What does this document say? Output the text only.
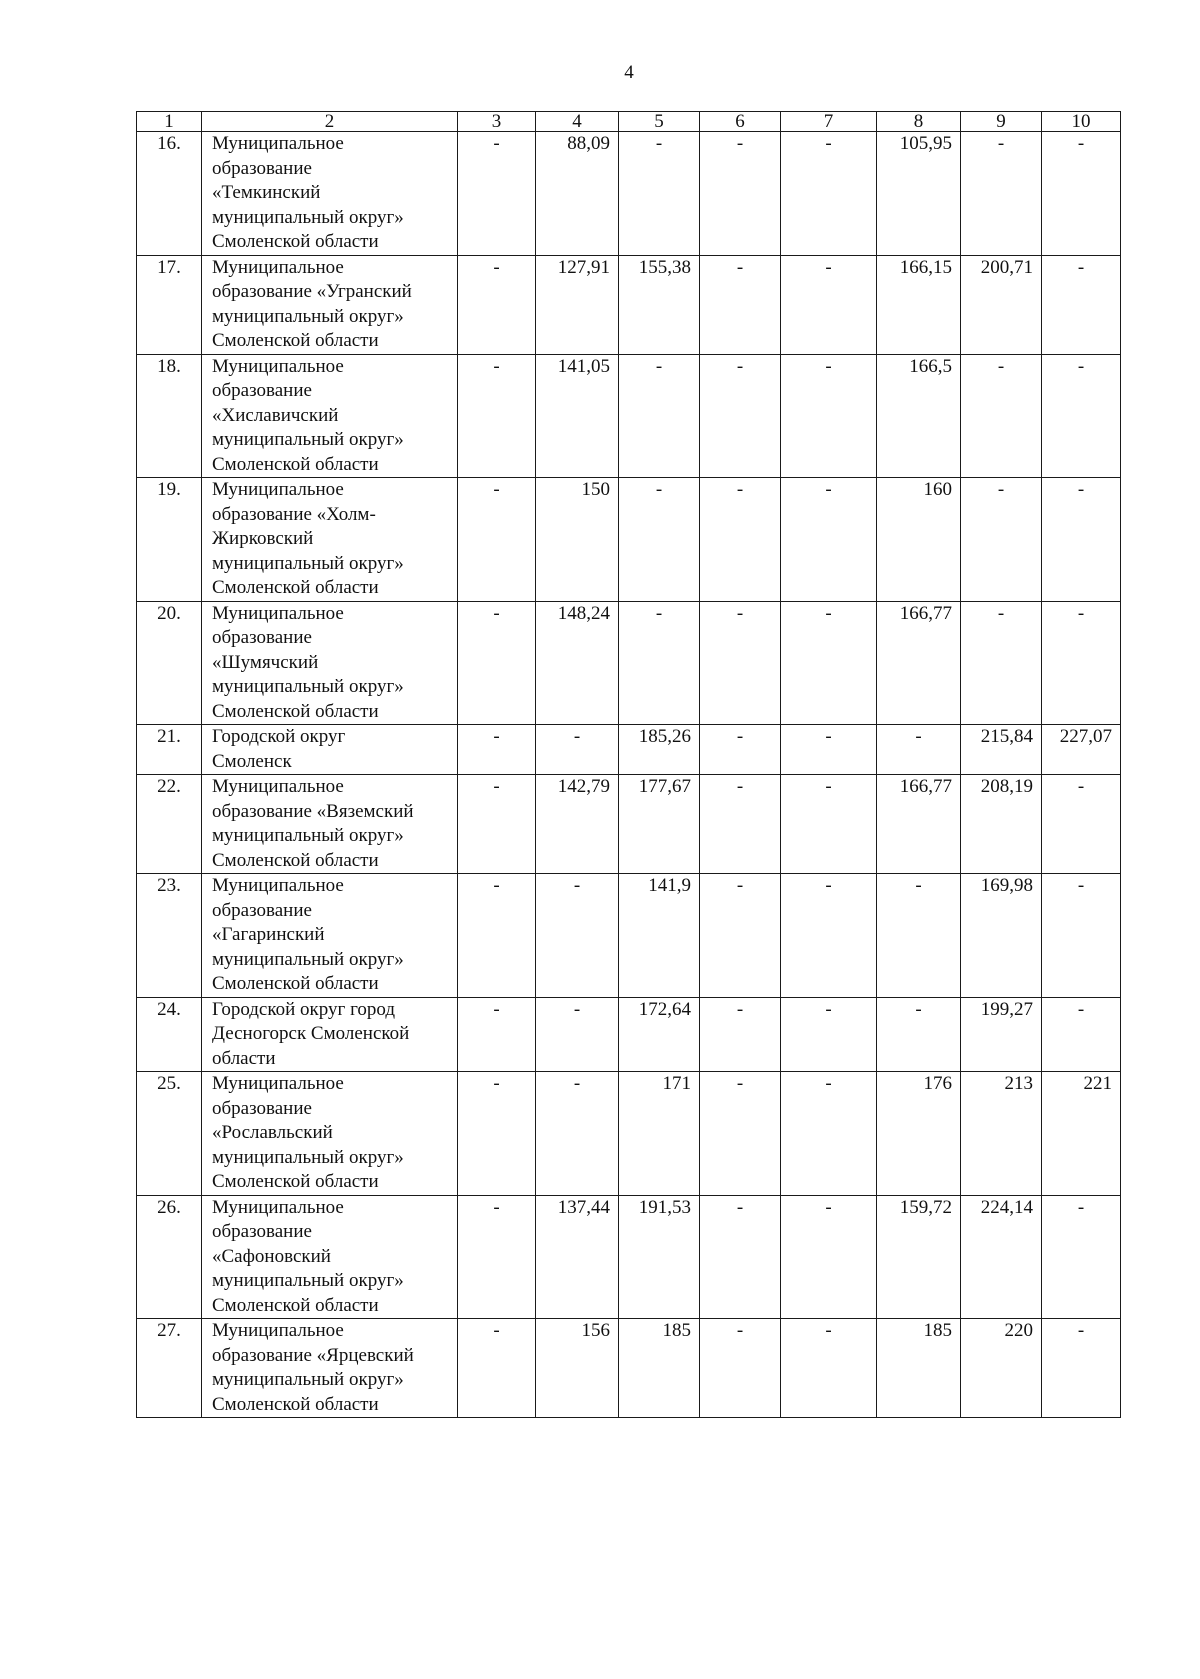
4
1	2	3	4	5	6	7	8	9	10
16.	Муниципальное
образование
«Темкинский
муниципальный округ»
Смоленской области	-	88,09	-	-	-	105,95	-	-
17.	Муниципальное
образование «Угранский
муниципальный округ»
Смоленской области	-	127,91	155,38	-	-	166,15	200,71	-
18.	Муниципальное
образование
«Хиславичский
муниципальный округ»
Смоленской области	-	141,05	-	-	-	166,5	-	-
19.	Муниципальное
образование «Холм-
Жирковский
муниципальный округ»
Смоленской области	-	150	-	-	-	160	-	-
20.	Муниципальное
образование
«Шумячский
муниципальный округ»
Смоленской области	-	148,24	-	-	-	166,77	-	-
21.	Городской округ
Смоленск	-	-	185,26	-	-	-	215,84	227,07
22.	Муниципальное
образование «Вяземский
муниципальный округ»
Смоленской области	-	142,79	177,67	-	-	166,77	208,19	-
23.	Муниципальное
образование
«Гагаринский
муниципальный округ»
Смоленской области	-	-	141,9	-	-	-	169,98	-
24.	Городской округ город
Десногорск Смоленской
области	-	-	172,64	-	-	-	199,27	-
25.	Муниципальное
образование
«Рославльский
муниципальный округ»
Смоленской области	-	-	171	-	-	176	213	221
26.	Муниципальное
образование
«Сафоновский
муниципальный округ»
Смоленской области	-	137,44	191,53	-	-	159,72	224,14	-
27.	Муниципальное
образование «Ярцевский
муниципальный округ»
Смоленской области	-	156	185	-	-	185	220	-
